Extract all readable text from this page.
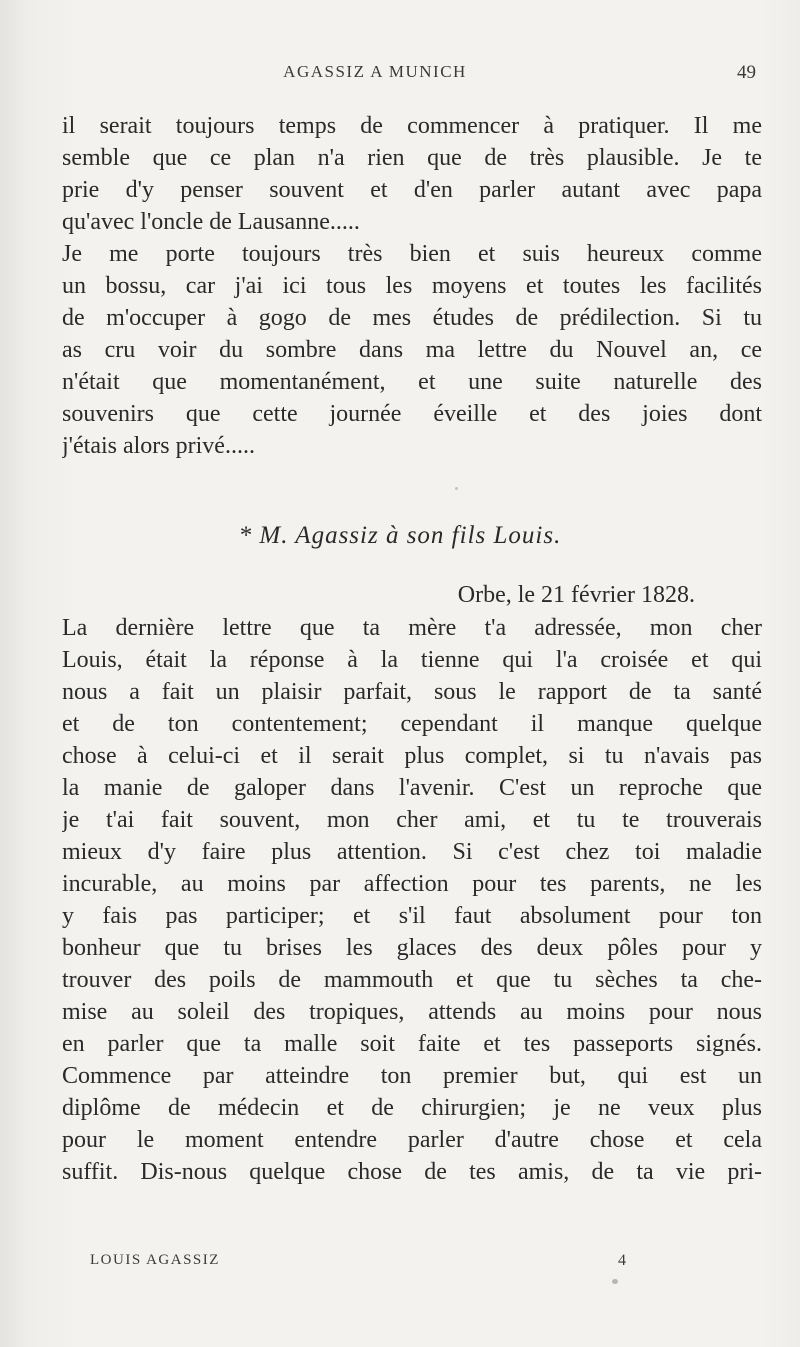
AGASSIZ A MUNICH	49
il serait toujours temps de commencer à pratiquer. Il me
semble que ce plan n'a rien que de très plausible. Je te
prie d'y penser souvent et d'en parler autant avec papa
qu'avec l'oncle de Lausanne.....
Je me porte toujours très bien et suis heureux comme
un bossu, car j'ai ici tous les moyens et toutes les facilités
de m'occuper à gogo de mes études de prédilection. Si tu
as cru voir du sombre dans ma lettre du Nouvel an, ce
n'était que momentanément, et une suite naturelle des
souvenirs que cette journée éveille et des joies dont
j'étais alors privé.....
* M. Agassiz à son fils Louis.
Orbe, le 21 février 1828.
La dernière lettre que ta mère t'a adressée, mon cher
Louis, était la réponse à la tienne qui l'a croisée et qui
nous a fait un plaisir parfait, sous le rapport de ta santé
et de ton contentement; cependant il manque quelque
chose à celui-ci et il serait plus complet, si tu n'avais pas
la manie de galoper dans l'avenir. C'est un reproche que
je t'ai fait souvent, mon cher ami, et tu te trouverais
mieux d'y faire plus attention. Si c'est chez toi maladie
incurable, au moins par affection pour tes parents, ne les
y fais pas participer; et s'il faut absolument pour ton
bonheur que tu brises les glaces des deux pôles pour y
trouver des poils de mammouth et que tu sèches ta che-
mise au soleil des tropiques, attends au moins pour nous
en parler que ta malle soit faite et tes passeports signés.
Commence par atteindre ton premier but, qui est un
diplôme de médecin et de chirurgien; je ne veux plus
pour le moment entendre parler d'autre chose et cela
suffit. Dis-nous quelque chose de tes amis, de ta vie pri-
LOUIS AGASSIZ	4
